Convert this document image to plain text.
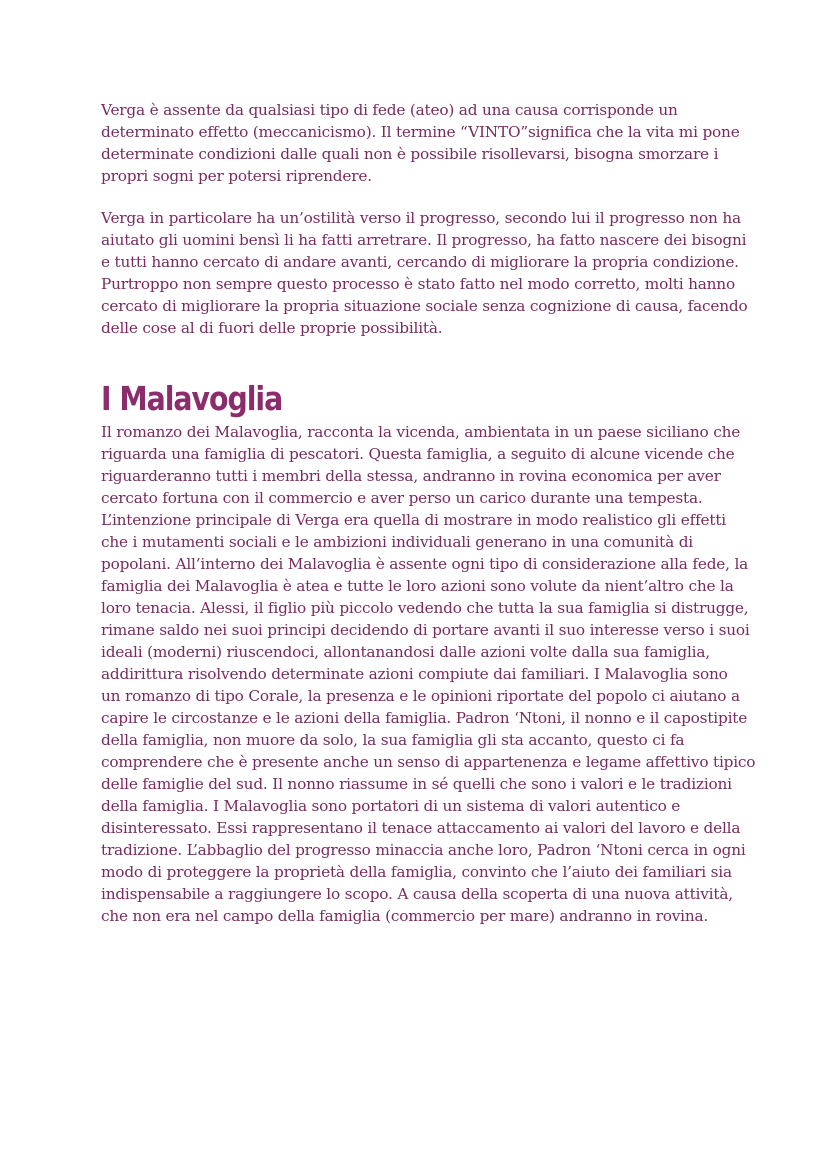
Verga è assente da qualsiasi tipo di fede (ateo) ad una causa corrisponde un
determinato effetto (meccanicismo). Il termine “VINTO”significa che la vita mi pone
determinate condizioni dalle quali non è possibile risollevarsi, bisogna smorzare i
propri sogni per potersi riprendere.
Verga in particolare ha un’ostilità verso il progresso, secondo lui il progresso non ha
aiutato gli uomini bensì li ha fatti arretrare. Il progresso, ha fatto nascere dei bisogni
e tutti hanno cercato di andare avanti, cercando di migliorare la propria condizione.
Purtroppo non sempre questo processo è stato fatto nel modo corretto, molti hanno
cercato di migliorare la propria situazione sociale senza cognizione di causa, facendo
delle cose al di fuori delle proprie possibilità.
I Malavoglia
Il romanzo dei Malavoglia, racconta la vicenda, ambientata in un paese siciliano che
riguarda una famiglia di pescatori. Questa famiglia, a seguito di alcune vicende che
riguarderanno tutti i membri della stessa, andranno in rovina economica per aver
cercato fortuna con il commercio e aver perso un carico durante una tempesta.
L’intenzione principale di Verga era quella di mostrare in modo realistico gli effetti
che i mutamenti sociali e le ambizioni individuali generano in una comunità di
popolani. All’interno dei Malavoglia è assente ogni tipo di considerazione alla fede, la
famiglia dei Malavoglia è atea e tutte le loro azioni sono volute da nient’altro che la
loro tenacia. Alessi, il figlio più piccolo vedendo che tutta la sua famiglia si distrugge,
rimane saldo nei suoi principi decidendo di portare avanti il suo interesse verso i suoi
ideali (moderni) riuscendoci, allontanandosi dalle azioni volte dalla sua famiglia,
addirittura risolvendo determinate azioni compiute dai familiari. I Malavoglia sono
un romanzo di tipo Corale, la presenza e le opinioni riportate del popolo ci aiutano a
capire le circostanze e le azioni della famiglia. Padron ‘Ntoni, il nonno e il capostipite
della famiglia, non muore da solo, la sua famiglia gli sta accanto, questo ci fa
comprendere che è presente anche un senso di appartenenza e legame affettivo tipico
delle famiglie del sud. Il nonno riassume in sé quelli che sono i valori e le tradizioni
della famiglia. I Malavoglia sono portatori di un sistema di valori autentico e
disinteressato. Essi rappresentano il tenace attaccamento ai valori del lavoro e della
tradizione. L’abbaglio del progresso minaccia anche loro, Padron ‘Ntoni cerca in ogni
modo di proteggere la proprietà della famiglia, convinto che l’aiuto dei familiari sia
indispensabile a raggiungere lo scopo. A causa della scoperta di una nuova attività,
che non era nel campo della famiglia (commercio per mare) andranno in rovina.
